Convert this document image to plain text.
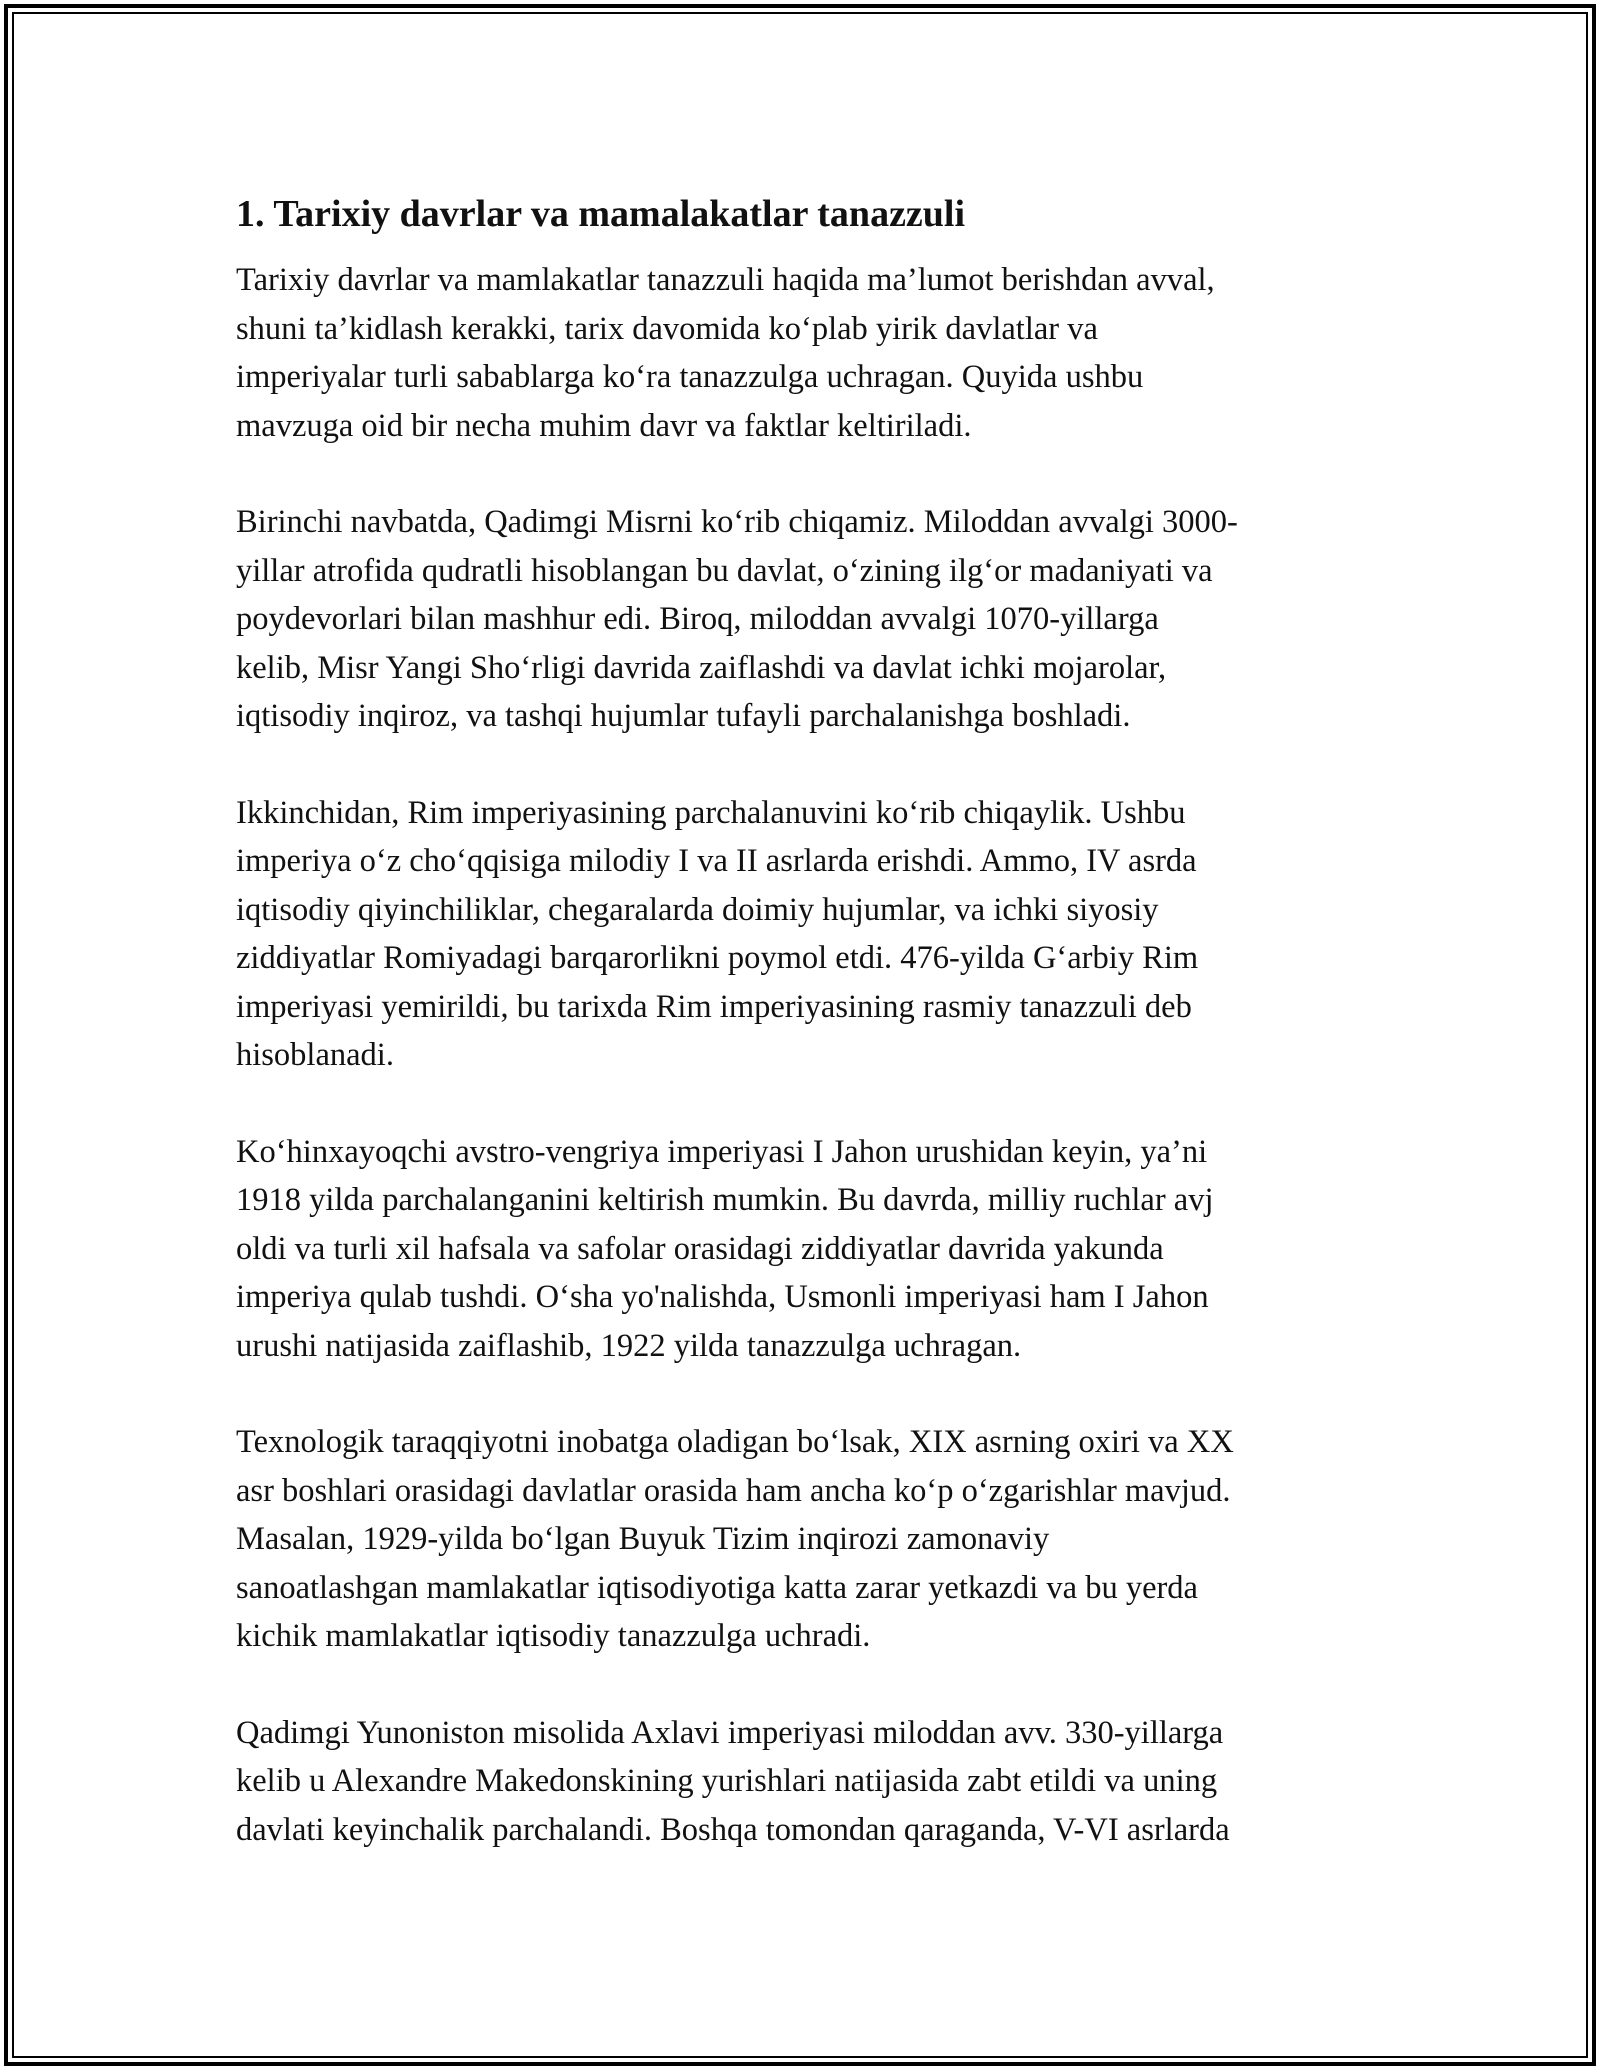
1. Tarixiy davrlar va mamalakatlar tanazzuli

Tarixiy davrlar va mamlakatlar tanazzuli haqida ma’lumot berishdan avval,
shuni ta’kidlash kerakki, tarix davomida ko‘plab yirik davlatlar va
imperiyalar turli sabablarga ko‘ra tanazzulga uchragan. Quyida ushbu
mavzuga oid bir necha muhim davr va faktlar keltiriladi.

Birinchi navbatda, Qadimgi Misrni ko‘rib chiqamiz. Miloddan avvalgi 3000-
yillar atrofida qudratli hisoblangan bu davlat, o‘zining ilg‘or madaniyati va
poydevorlari bilan mashhur edi. Biroq, miloddan avvalgi 1070-yillarga
kelib, Misr Yangi Sho‘rligi davrida zaiflashdi va davlat ichki mojarolar,
iqtisodiy inqiroz, va tashqi hujumlar tufayli parchalanishga boshladi.

Ikkinchidan, Rim imperiyasining parchalanuvini ko‘rib chiqaylik. Ushbu
imperiya o‘z cho‘qqisiga milodiy I va II asrlarda erishdi. Ammo, IV asrda
iqtisodiy qiyinchiliklar, chegaralarda doimiy hujumlar, va ichki siyosiy
ziddiyatlar Romiyadagi barqarorlikni poymol etdi. 476-yilda G‘arbiy Rim
imperiyasi yemirildi, bu tarixda Rim imperiyasining rasmiy tanazzuli deb
hisoblanadi.

Ko‘hinxayoqchi avstro-vengriya imperiyasi I Jahon urushidan keyin, ya’ni
1918 yilda parchalanganini keltirish mumkin. Bu davrda, milliy ruchlar avj
oldi va turli xil hafsala va safolar orasidagi ziddiyatlar davrida yakunda
imperiya qulab tushdi. O‘sha yo'nalishda, Usmonli imperiyasi ham I Jahon
urushi natijasida zaiflashib, 1922 yilda tanazzulga uchragan.

Texnologik taraqqiyotni inobatga oladigan bo‘lsak, XIX asrning oxiri va XX
asr boshlari orasidagi davlatlar orasida ham ancha ko‘p o‘zgarishlar mavjud.
Masalan, 1929-yilda bo‘lgan Buyuk Tizim inqirozi zamonaviy
sanoatlashgan mamlakatlar iqtisodiyotiga katta zarar yetkazdi va bu yerda
kichik mamlakatlar iqtisodiy tanazzulga uchradi.

Qadimgi Yunoniston misolida Axlavi imperiyasi miloddan avv. 330-yillarga
kelib u Alexandre Makedonskining yurishlari natijasida zabt etildi va uning
davlati keyinchalik parchalandi. Boshqa tomondan qaraganda, V-VI asrlarda
